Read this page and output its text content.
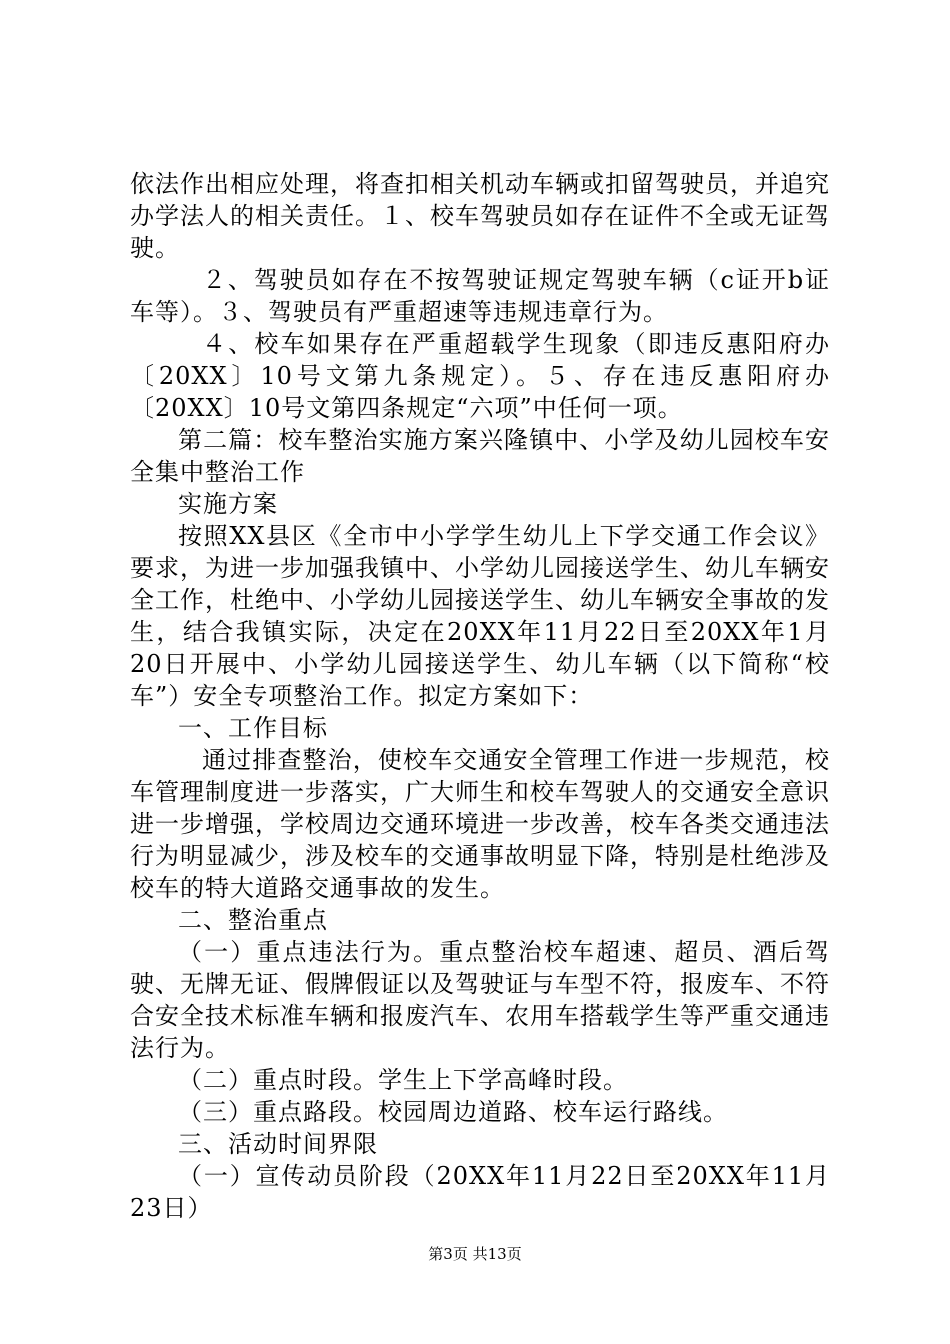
依法作出相应处理，将查扣相关机动车辆或扣留驾驶员，并追究办学法人的相关责任。１、校车驾驶员如存在证件不全或无证驾驶。

２、驾驶员如存在不按驾驶证规定驾驶车辆（c证开b证车等）。３、驾驶员有严重超速等违规违章行为。

４、校车如果存在严重超载学生现象（即违反惠阳府办〔20XX〕10号文第九条规定）。５、存在违反惠阳府办〔20XX〕10号文第四条规定“六项”中任何一项。

第二篇：校车整治实施方案兴隆镇中、小学及幼儿园校车安全集中整治工作

实施方案

按照XX县区《全市中小学学生幼儿上下学交通工作会议》要求，为进一步加强我镇中、小学幼儿园接送学生、幼儿车辆安全工作，杜绝中、小学幼儿园接送学生、幼儿车辆安全事故的发生，结合我镇实际，决定在20XX年11月22日至20XX年1月20日开展中、小学幼儿园接送学生、幼儿车辆（以下简称“校车”）安全专项整治工作。拟定方案如下：

一、工作目标

通过排查整治，使校车交通安全管理工作进一步规范，校车管理制度进一步落实，广大师生和校车驾驶人的交通安全意识进一步增强，学校周边交通环境进一步改善，校车各类交通违法行为明显减少，涉及校车的交通事故明显下降，特别是杜绝涉及校车的特大道路交通事故的发生。

二、整治重点

（一）重点违法行为。重点整治校车超速、超员、酒后驾驶、无牌无证、假牌假证以及驾驶证与车型不符，报废车、不符合安全技术标准车辆和报废汽车、农用车搭载学生等严重交通违法行为。

（二）重点时段。学生上下学高峰时段。

（三）重点路段。校园周边道路、校车运行路线。

三、活动时间界限

（一）宣传动员阶段（20XX年11月22日至20XX年11月23日）

第3页 共13页
